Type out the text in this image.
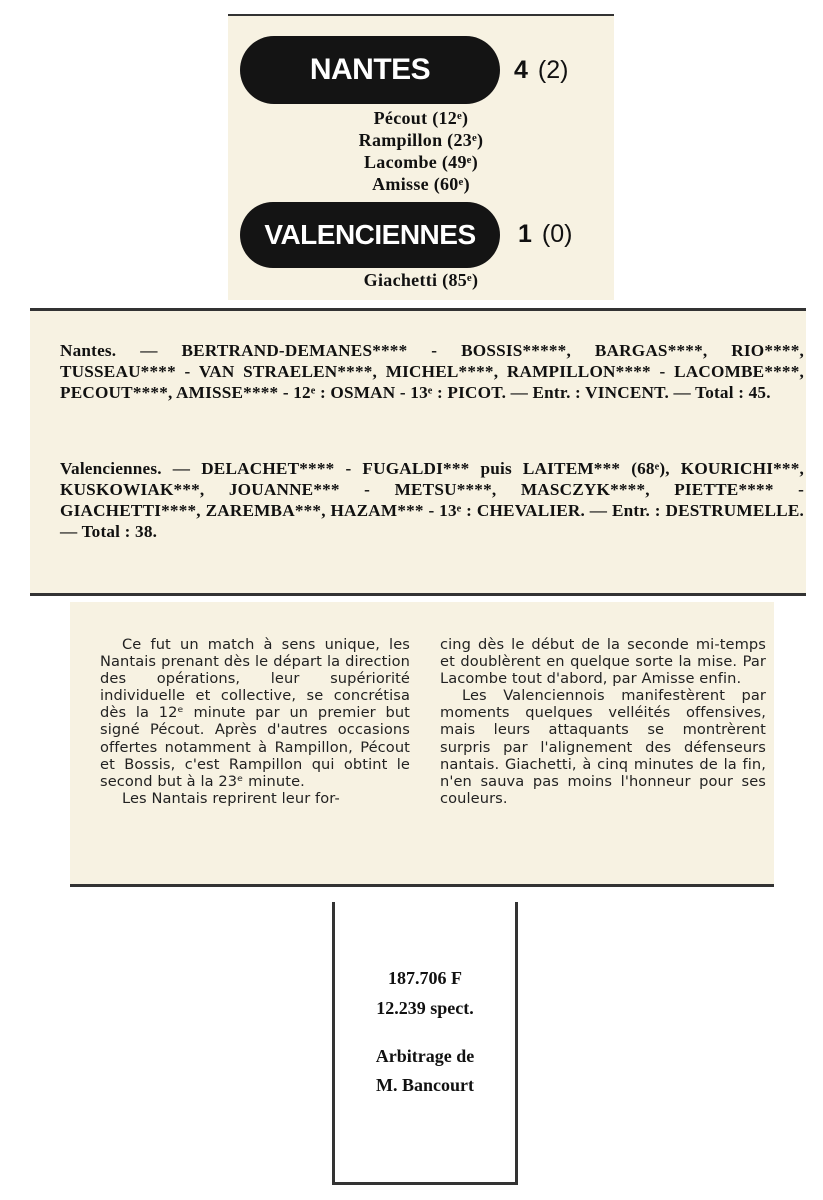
NANTES	4 (2)
Pécout (12ᵉ)
Rampillon (23ᵉ)
Lacombe (49ᵉ)
Amisse (60ᵉ)
VALENCIENNES	1 (0)
Giachetti (85ᵉ)

Nantes. — BERTRAND-DEMANES**** - BOSSIS*****, BARGAS****, RIO****, TUSSEAU**** - VAN STRAELEN****, MICHEL****, RAMPILLON**** - LACOMBE****, PECOUT****, AMISSE**** - 12ᵉ : OSMAN - 13ᵉ : PICOT. — Entr. : VINCENT. — Total : 45.

Valenciennes. — DELACHET**** - FUGALDI*** puis LAITEM*** (68ᵉ), KOURICHI***, KUSKOWIAK***, JOUANNE*** - METSU****, MASCZYK****, PIETTE**** - GIACHETTI****, ZAREMBA***, HAZAM*** - 13ᵉ : CHEVALIER. — Entr. : DESTRUMELLE. — Total : 38.

Ce fut un match à sens unique, les Nantais prenant dès le départ la direction des opérations, leur supériorité individuelle et collective, se concrétisa dès la 12ᵉ minute par un premier but signé Pécout. Après d'autres occasions offertes notamment à Rampillon, Pécout et Bossis, c'est Rampillon qui obtint le second but à la 23ᵉ minute.

Les Nantais reprirent leur for-

cing dès le début de la seconde mi-temps et doublèrent en quelque sorte la mise. Par Lacombe tout d'abord, par Amisse enfin.

Les Valenciennois manifestèrent par moments quelques velléités offensives, mais leurs attaquants se montrèrent surpris par l'alignement des défenseurs nantais. Giachetti, à cinq minutes de la fin, n'en sauva pas moins l'honneur pour ses couleurs.

187.706 F
12.239 spect.
Arbitrage de
M. Bancourt
